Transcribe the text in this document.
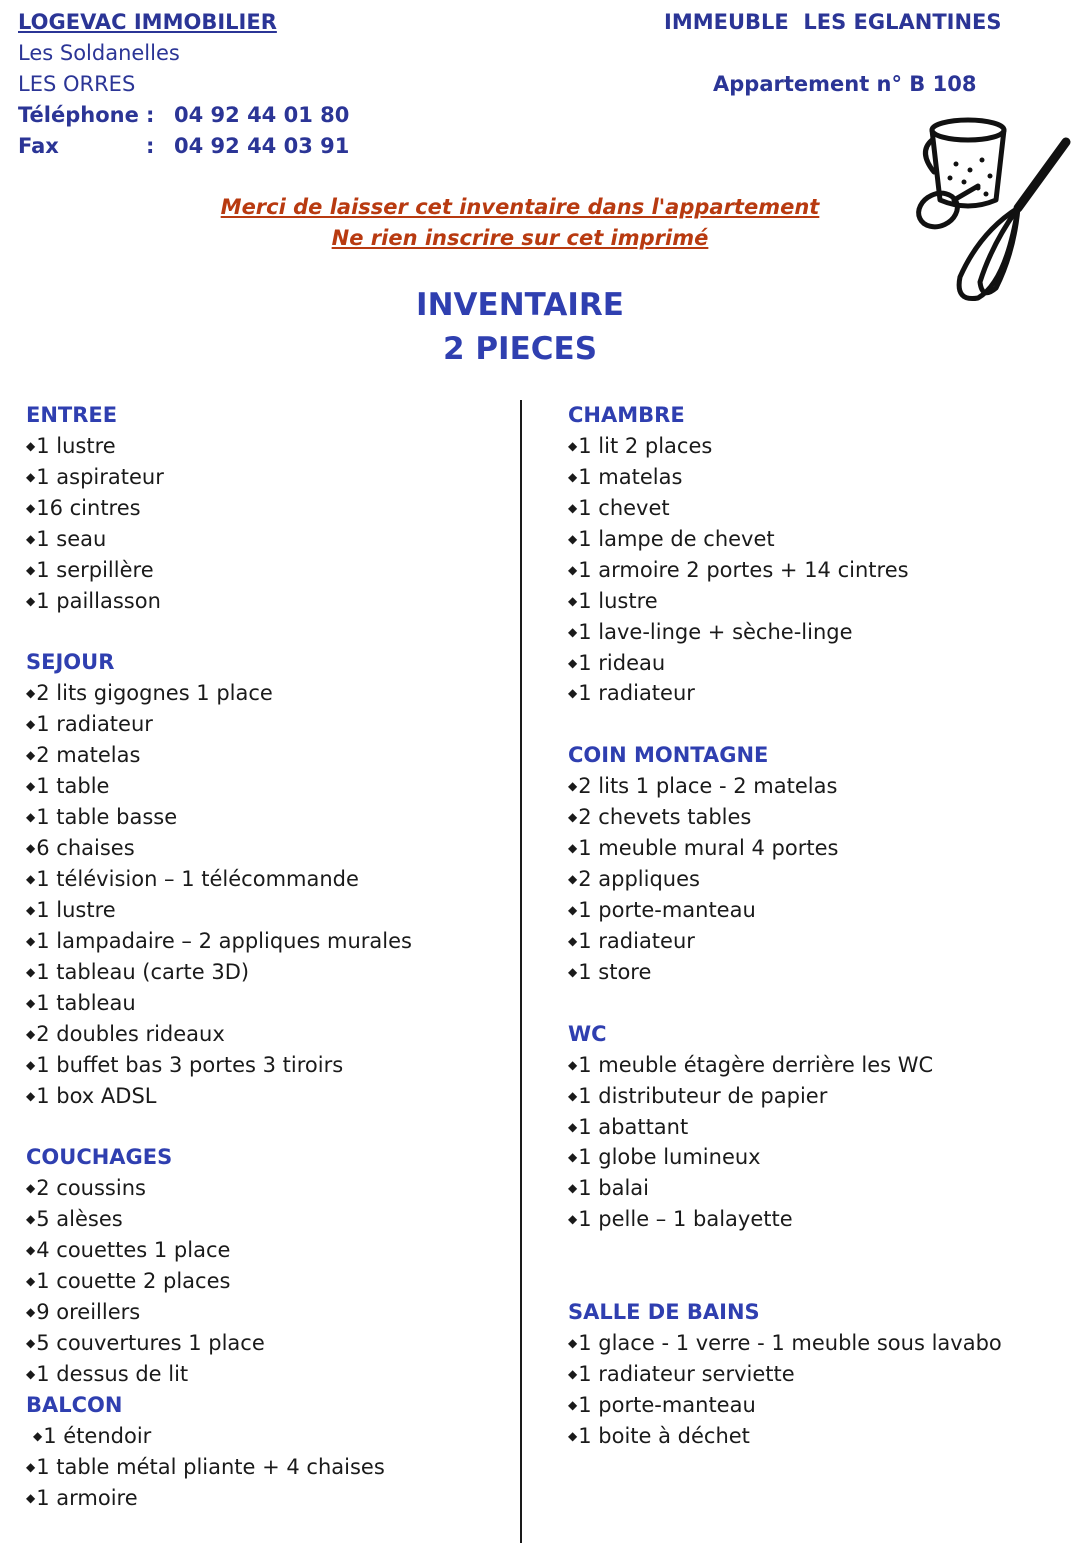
LOGEVAC IMMOBILIER
Les Soldanelles
LES ORRES
Téléphone : 04 92 44 01 80
Fax	: 04 92 44 03 91
IMMEUBLE  LES EGLANTINES
Appartement n° B 108
Merci de laisser cet inventaire dans l'appartement
Ne rien inscrire sur cet imprimé
INVENTAIRE
2 PIECES
ENTREE
◆1 lustre
◆1 aspirateur
◆16 cintres
◆1 seau
◆1 serpillère
◆1 paillasson
SEJOUR
◆2 lits gigognes 1 place
◆1 radiateur
◆2 matelas
◆1 table
◆1 table basse
◆6 chaises
◆1 télévision – 1 télécommande
◆1 lustre
◆1 lampadaire – 2 appliques murales
◆1 tableau (carte 3D)
◆1 tableau
◆2 doubles rideaux
◆1 buffet bas 3 portes 3 tiroirs
◆1 box ADSL
COUCHAGES
◆2 coussins
◆5 alèses
◆4 couettes 1 place
◆1 couette 2 places
◆9 oreillers
◆5 couvertures 1 place
◆1 dessus de lit
BALCON
◆1 étendoir
◆1 table métal pliante + 4 chaises
◆1 armoire
CHAMBRE
◆1 lit 2 places
◆1 matelas
◆1 chevet
◆1 lampe de chevet
◆1 armoire 2 portes + 14 cintres
◆1 lustre
◆1 lave-linge + sèche-linge
◆1 rideau
◆1 radiateur
COIN MONTAGNE
◆2 lits 1 place - 2 matelas
◆2 chevets tables
◆1 meuble mural 4 portes
◆2 appliques
◆1 porte-manteau
◆1 radiateur
◆1 store
WC
◆1 meuble étagère derrière les WC
◆1 distributeur de papier
◆1 abattant
◆1 globe lumineux
◆1 balai
◆1 pelle – 1 balayette
SALLE DE BAINS
◆1 glace - 1 verre - 1 meuble sous lavabo
◆1 radiateur serviette
◆1 porte-manteau
◆1 boite à déchet
